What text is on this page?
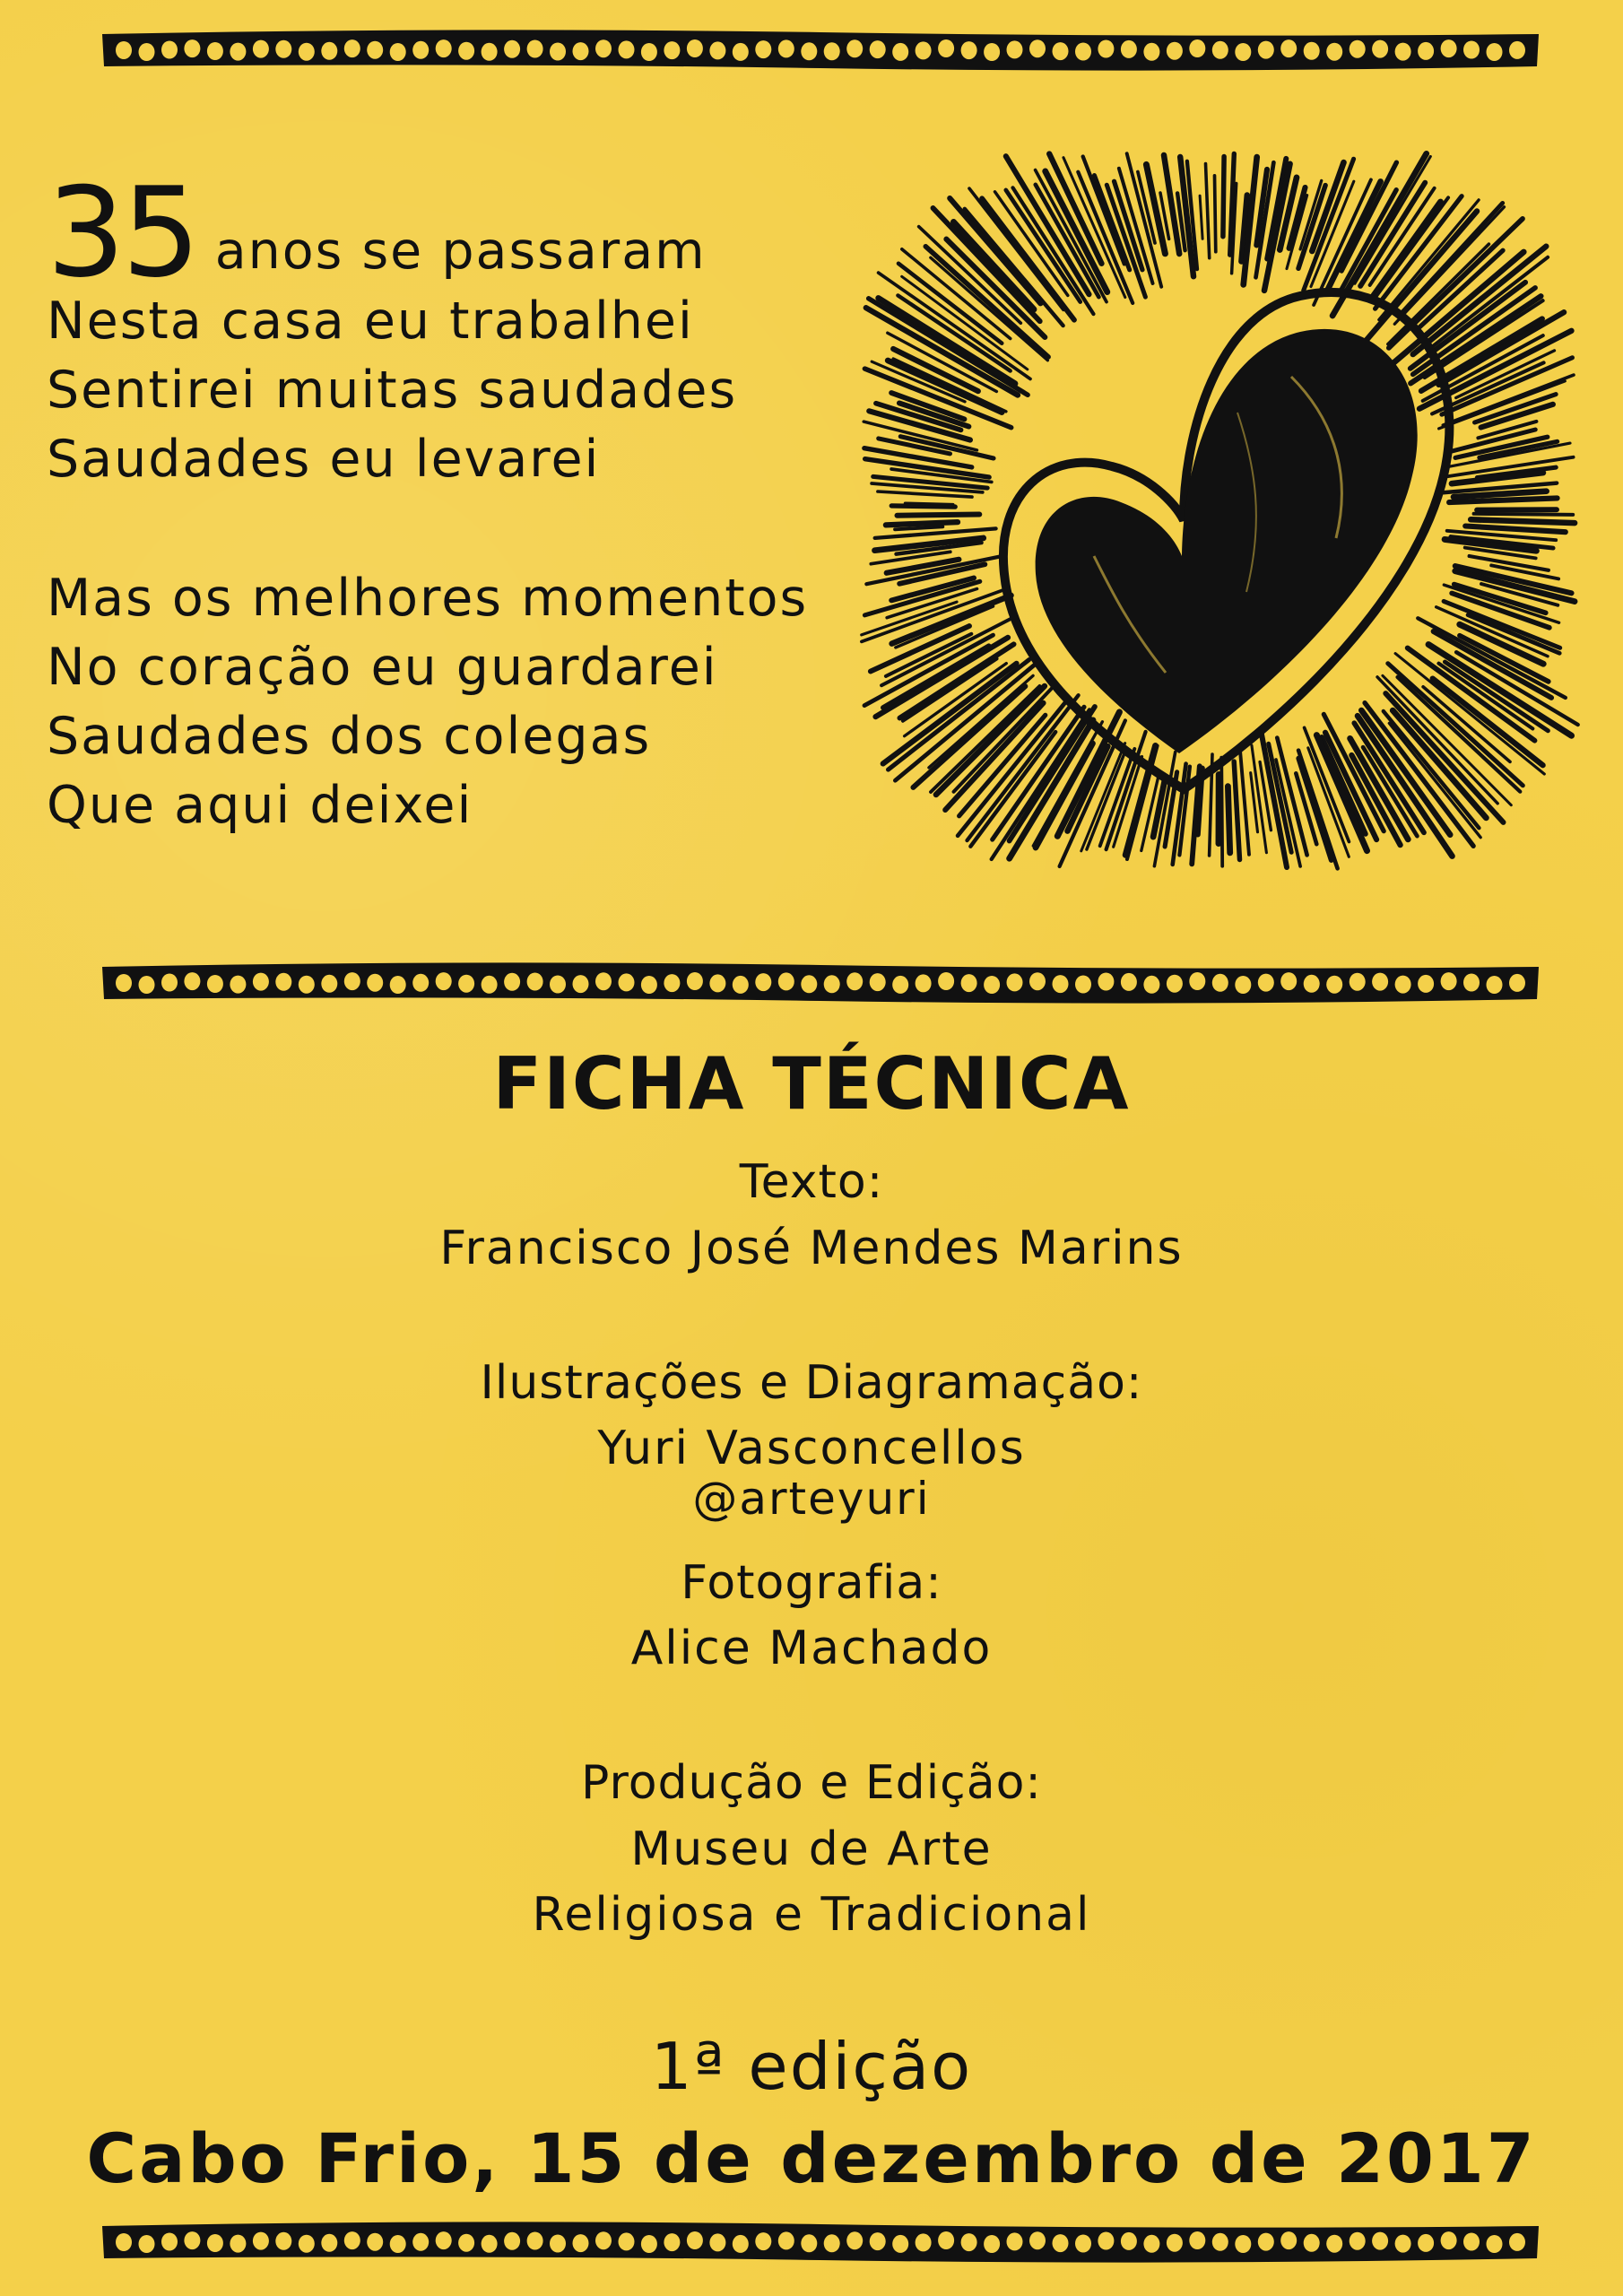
35 anos se passaram
Nesta casa eu trabalhei
Sentirei muitas saudades
Saudades eu levarei
Mas os melhores momentos
No coração eu guardarei
Saudades dos colegas
Que aqui deixei
FICHA TÉCNICA
Texto:
Francisco José Mendes Marins
Ilustrações e Diagramação:
Yuri Vasconcellos
@arteyuri
Fotografia:
Alice Machado
Produção e Edição:
Museu de Arte
Religiosa e Tradicional
1ª edição
Cabo Frio, 15 de dezembro de 2017
